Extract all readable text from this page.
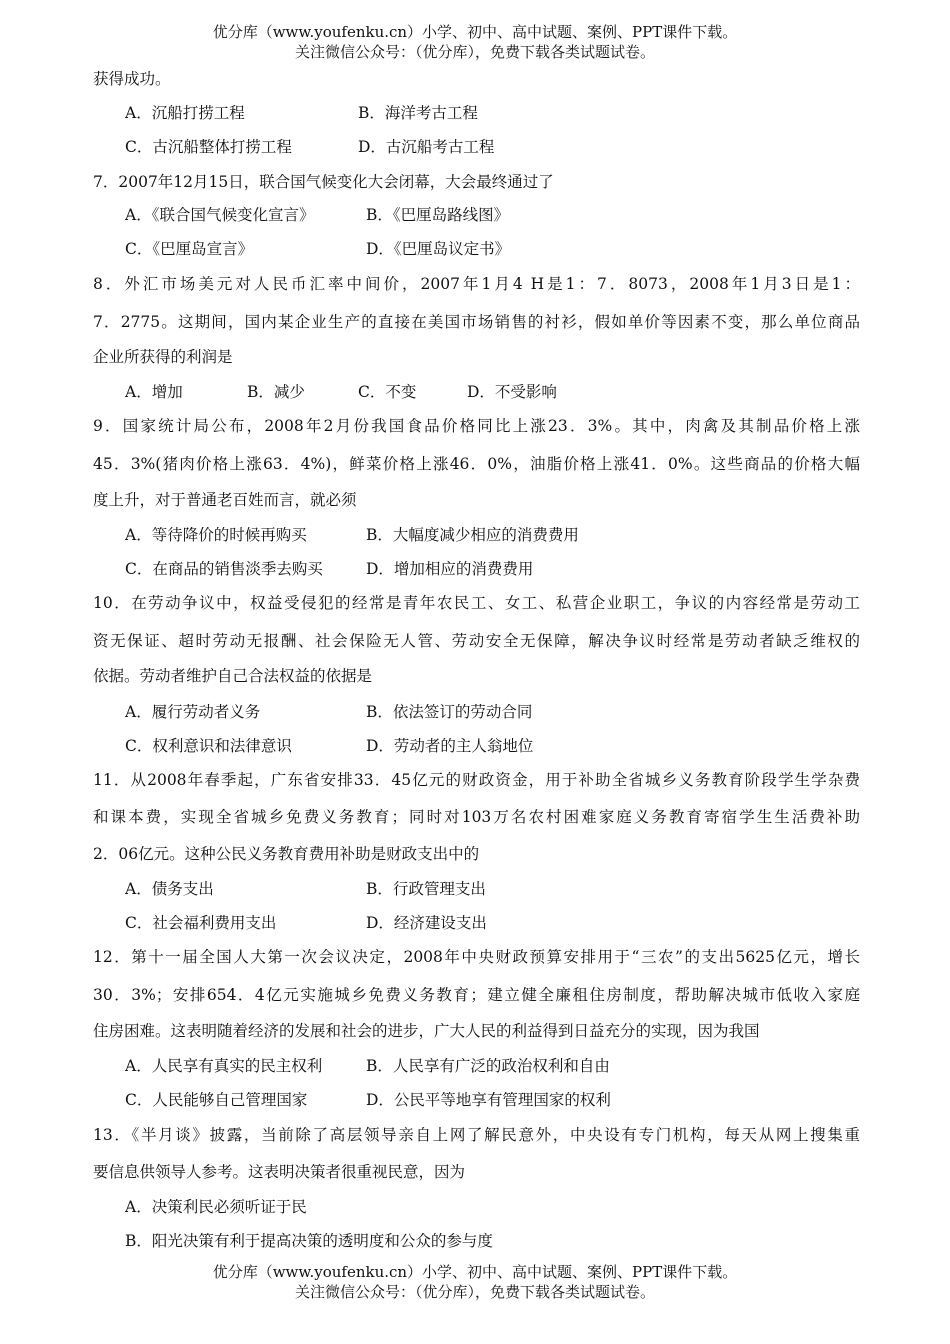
优分库（www.youfenku.cn）小学、初中、高中试题、案例、PPT课件下载。
关注微信公众号：（优分库），免费下载各类试题试卷。
获得成功。
A．沉船打捞工程	B．海洋考古工程
C．古沉船整体打捞工程	D．古沉船考古工程
7．2007年12月15日，联合国气候变化大会闭幕，大会最终通过了
A．《联合国气候变化宣言》	B．《巴厘岛路线图》
C．《巴厘岛宣言》	D．《巴厘岛议定书》
8．外汇市场美元对人民币汇率中间价，2007年1月4 H是1：7．8073，2008年1月3日是1：
7．2775。这期间，国内某企业生产的直接在美国市场销售的衬衫，假如单价等因素不变，那么单位商品
企业所获得的利润是
A．增加	B．减少	C．不变	D．不受影响
9．国家统计局公布，2008年2月份我国食品价格同比上涨23．3%。其中，肉禽及其制品价格上涨
45．3%(猪肉价格上涨63．4%)，鲜菜价格上涨46．0%，油脂价格上涨41．0%。这些商品的价格大幅
度上升，对于普通老百姓而言，就必须
A．等待降价的时候再购买	B．大幅度减少相应的消费费用
C．在商品的销售淡季去购买	D．增加相应的消费费用
10．在劳动争议中，权益受侵犯的经常是青年农民工、女工、私营企业职工，争议的内容经常是劳动工
资无保证、超时劳动无报酬、社会保险无人管、劳动安全无保障，解决争议时经常是劳动者缺乏维权的
依据。劳动者维护自己合法权益的依据是
A．履行劳动者义务	B．依法签订的劳动合同
C．权利意识和法律意识	D．劳动者的主人翁地位
11．从2008年春季起，广东省安排33．45亿元的财政资金，用于补助全省城乡义务教育阶段学生学杂费
和课本费，实现全省城乡免费义务教育；同时对103万名农村困难家庭义务教育寄宿学生生活费补助
2．06亿元。这种公民义务教育费用补助是财政支出中的
A．债务支出	B．行政管理支出
C．社会福利费用支出	D．经济建设支出
12．第十一届全国人大第一次会议决定，2008年中央财政预算安排用于“三农”的支出5625亿元，增长
30．3%；安排654．4亿元实施城乡免费义务教育；建立健全廉租住房制度，帮助解决城市低收入家庭
住房困难。这表明随着经济的发展和社会的进步，广大人民的利益得到日益充分的实现，因为我国
A．人民享有真实的民主权利	B．人民享有广泛的政治权利和自由
C．人民能够自己管理国家	D．公民平等地享有管理国家的权利
13．《半月谈》披露，当前除了高层领导亲自上网了解民意外，中央设有专门机构，每天从网上搜集重
要信息供领导人参考。这表明决策者很重视民意，因为
A．决策利民必须听证于民
B．阳光决策有利于提高决策的透明度和公众的参与度
优分库（www.youfenku.cn）小学、初中、高中试题、案例、PPT课件下载。
关注微信公众号：（优分库），免费下载各类试题试卷。
